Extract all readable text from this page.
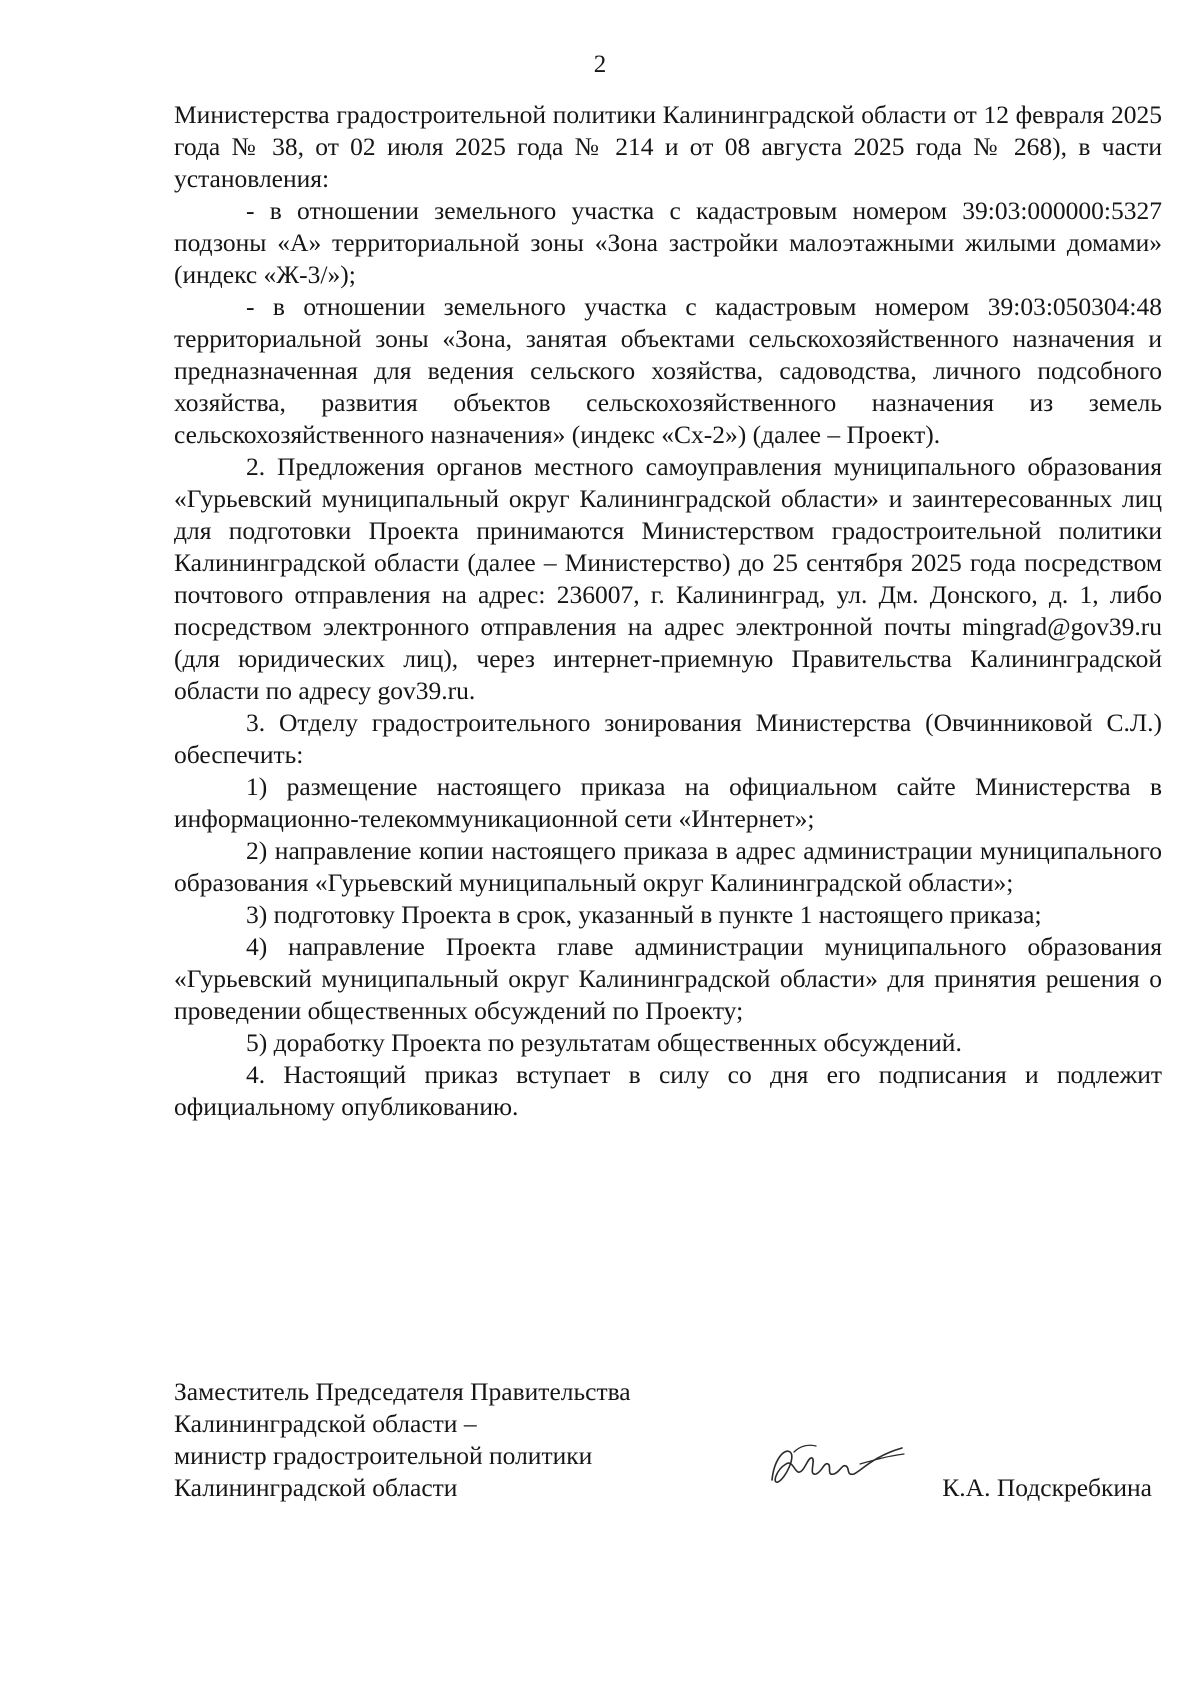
2

Министерства градостроительной политики Калининградской области от 12 февраля 2025 года № 38, от 02 июля 2025 года № 214 и от 08 августа 2025 года № 268), в части установления:

- в отношении земельного участка с кадастровым номером 39:03:000000:5327 подзоны «А» территориальной зоны «Зона застройки малоэтажными жилыми домами» (индекс «Ж-3/»);

- в отношении земельного участка с кадастровым номером 39:03:050304:48 территориальной зоны «Зона, занятая объектами сельскохозяйственного назначения и предназначенная для ведения сельского хозяйства, садоводства, личного подсобного хозяйства, развития объектов сельскохозяйственного назначения из земель сельскохозяйственного назначения» (индекс «Сх-2») (далее – Проект).

2. Предложения органов местного самоуправления муниципального образования «Гурьевский муниципальный округ Калининградской области» и заинтересованных лиц для подготовки Проекта принимаются Министерством градостроительной политики Калининградской области (далее – Министерство) до 25 сентября 2025 года посредством почтового отправления на адрес: 236007, г. Калининград, ул. Дм. Донского, д. 1, либо посредством электронного отправления на адрес электронной почты mingrad@gov39.ru (для юридических лиц), через интернет-приемную Правительства Калининградской области по адресу gov39.ru.

3. Отделу градостроительного зонирования Министерства (Овчинниковой С.Л.) обеспечить:

1) размещение настоящего приказа на официальном сайте Министерства в информационно-телекоммуникационной сети «Интернет»;

2) направление копии настоящего приказа в адрес администрации муниципального образования «Гурьевский муниципальный округ Калининградской области»;

3) подготовку Проекта в срок, указанный в пункте 1 настоящего приказа;

4) направление Проекта главе администрации муниципального образования «Гурьевский муниципальный округ Калининградской области» для принятия решения о проведении общественных обсуждений по Проекту;

5) доработку Проекта по результатам общественных обсуждений.

4. Настоящий приказ вступает в силу со дня его подписания и подлежит официальному опубликованию.

Заместитель Председателя Правительства
Калининградской области –
министр градостроительной политики
Калининградской области	К.А. Подскребкина
